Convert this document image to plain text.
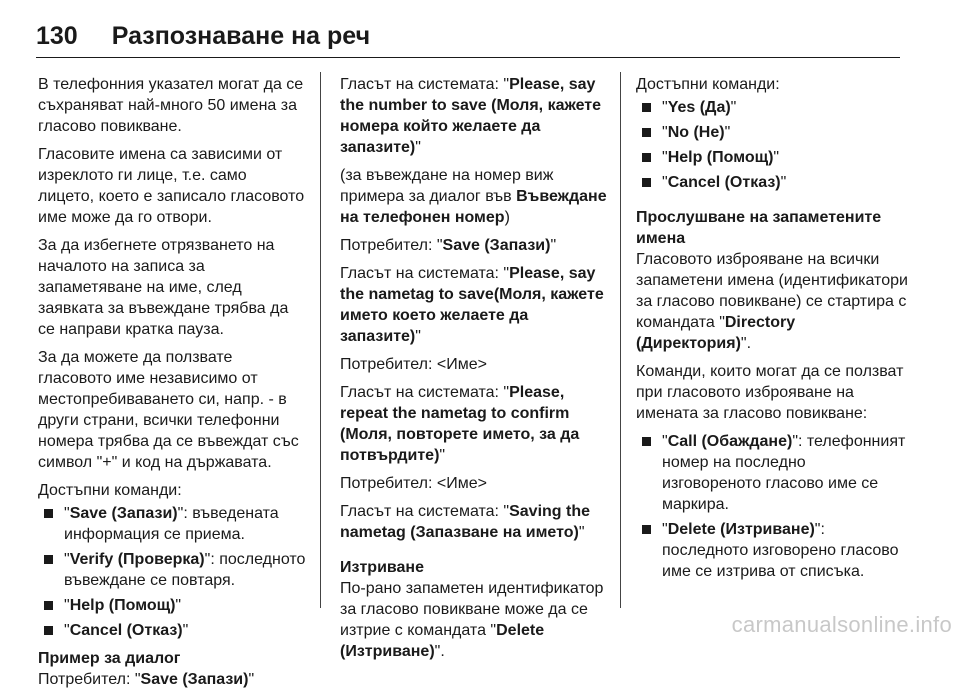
130 Разпознаване на реч

В телефонния указател могат да се съхраняват най-много 50 имена за гласово повикване.

Гласовите имена са зависими от изреклото ги лице, т.е. само лицето, което е записало гласовото име може да го отвори.

За да избегнете отрязването на началото на записа за запаметяване на име, след заявката за въвеждане трябва да се направи кратка пауза.

За да можете да ползвате гласовото име независимо от местопребиваването си, напр. - в други страни, всички телефонни номера трябва да се въвеждат със символ "+" и код на държавата.

Достъпни команди:

"Save (Запази)": въведената информация се приема.
"Verify (Проверка)": последното въвеждане се повтаря.
"Help (Помощ)"
"Cancel (Отказ)"

Пример за диалог

Потребител: "Save (Запази)"

Гласът на системата: "Please, say the number to save (Моля, кажете номера който желаете да запазите)"

(за въвеждане на номер виж примера за диалог във Въвеждане на телефонен номер)

Потребител: "Save (Запази)"

Гласът на системата: "Please, say the nametag to save(Моля, кажете името което желаете да запазите)"

Потребител: <Име>

Гласът на системата: "Please, repeat the nametag to confirm (Моля, повторете името, за да потвърдите)"

Потребител: <Име>

Гласът на системата: "Saving the nametag (Запазване на името)"

Изтриване

По-рано запаметен идентификатор за гласово повикване може да се изтрие с командата "Delete (Изтриване)".

Достъпни команди:

"Yes (Да)"
"No (Не)"
"Help (Помощ)"
"Cancel (Отказ)"

Прослушване на запаметените имена

Гласовото изброяване на всички запаметени имена (идентификатори за гласово повикване) се стартира с командата "Directory (Директория)".

Команди, които могат да се ползват при гласовото изброяване на имената за гласово повикване:

"Call (Обаждане)": телефонният номер на последно изговореното гласово име се маркира.
"Delete (Изтриване)": последното изговорено гласово име се изтрива от списъка.
carmanualsonline.info
